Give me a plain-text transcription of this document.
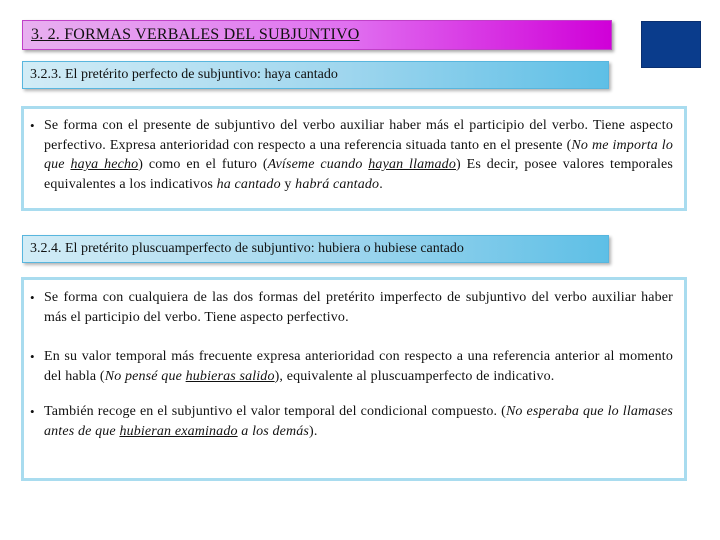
3. 2. FORMAS VERBALES DEL SUBJUNTIVO
3.2.3. El pretérito perfecto de subjuntivo: haya cantado
• Se forma con el presente de subjuntivo del verbo auxiliar haber más el participio del verbo. Tiene aspecto perfectivo. Expresa anterioridad con respecto a una referencia situada tanto en el presente (No me importa lo que haya hecho) como en el futuro (Avíseme cuando hayan llamado) Es decir, posee valores temporales equivalentes a los indicativos ha cantado y habrá cantado.
3.2.4. El pretérito pluscuamperfecto de subjuntivo: hubiera o hubiese cantado
• Se forma con cualquiera de las dos formas del pretérito imperfecto de subjuntivo del verbo auxiliar haber más el participio del verbo. Tiene aspecto perfectivo.
• En su valor temporal más frecuente expresa anterioridad con respecto a una referencia anterior al momento del habla (No pensé que hubieras salido), equivalente al pluscuamperfecto de indicativo.
• También recoge en el subjuntivo el valor temporal del condicional compuesto. (No esperaba que lo llamases antes de que hubieran examinado a los demás).
